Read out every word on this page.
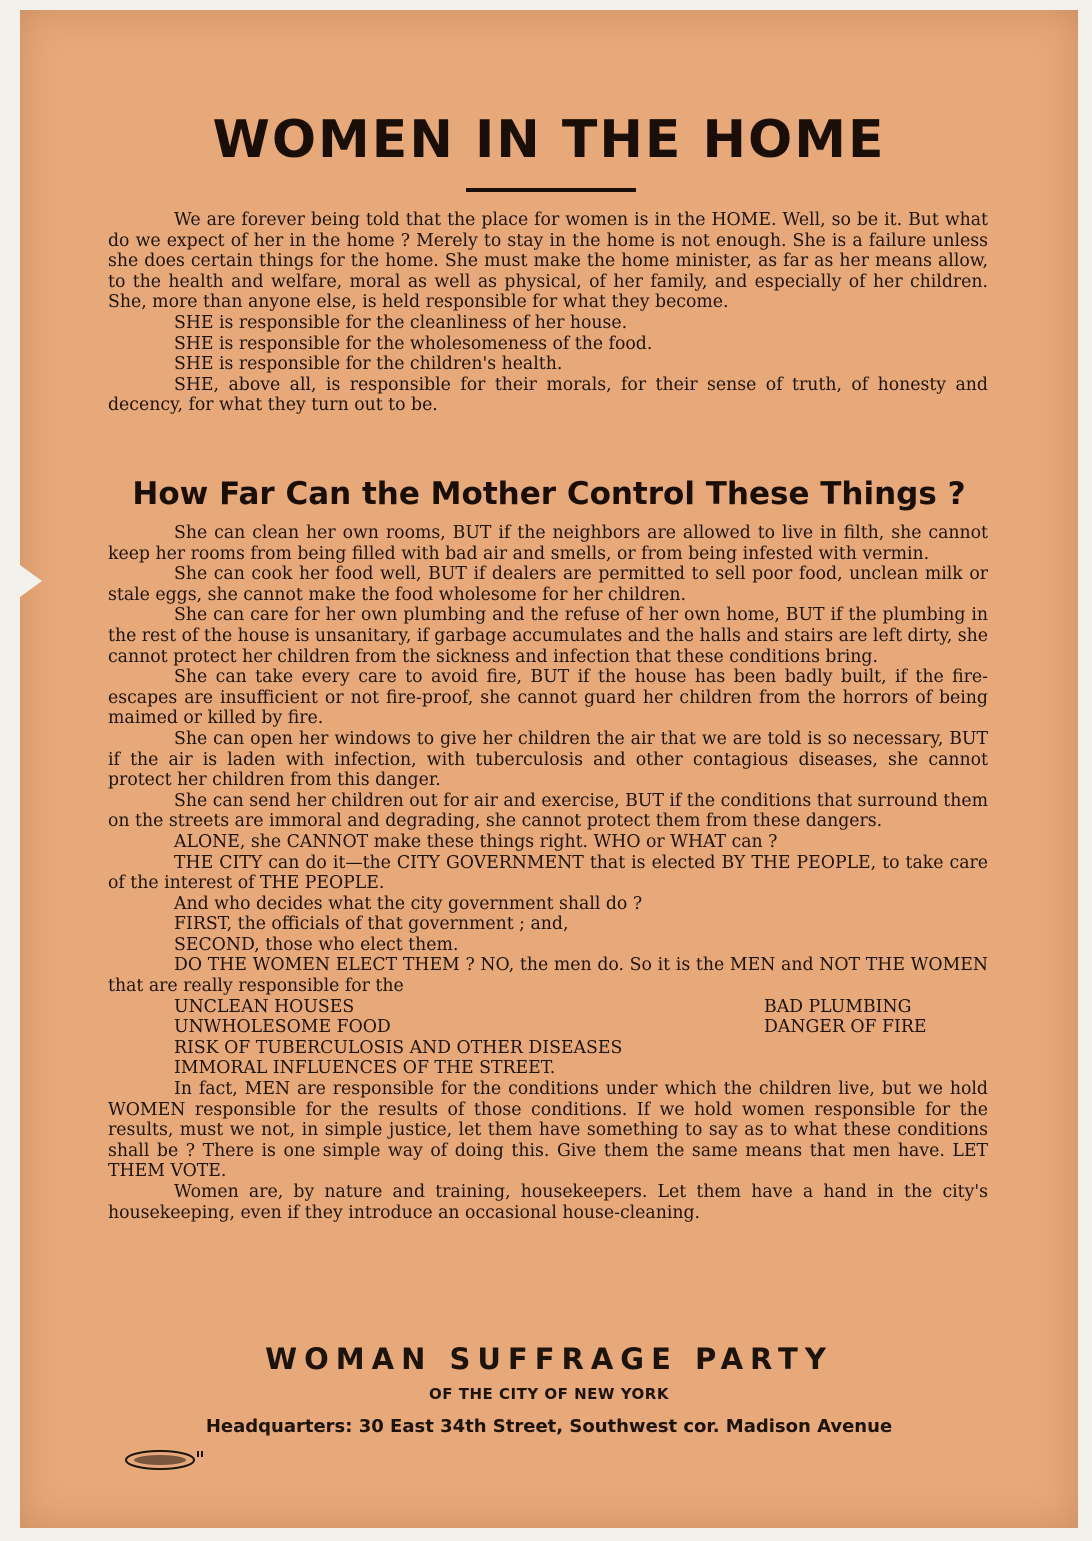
WOMEN IN THE HOME

We are forever being told that the place for women is in the HOME. Well, so be it. But what do we expect of her in the home ? Merely to stay in the home is not enough. She is a failure unless she does certain things for the home. She must make the home minister, as far as her means allow, to the health and welfare, moral as well as physical, of her family, and especially of her children. She, more than anyone else, is held responsible for what they become.

SHE is responsible for the cleanliness of her house.

SHE is responsible for the wholesomeness of the food.

SHE is responsible for the children's health.

SHE, above all, is responsible for their morals, for their sense of truth, of honesty and decency, for what they turn out to be.

How Far Can the Mother Control These Things ?

She can clean her own rooms, BUT if the neighbors are allowed to live in filth, she cannot keep her rooms from being filled with bad air and smells, or from being infested with vermin.

She can cook her food well, BUT if dealers are permitted to sell poor food, unclean milk or stale eggs, she cannot make the food wholesome for her children.

She can care for her own plumbing and the refuse of her own home, BUT if the plumbing in the rest of the house is unsanitary, if garbage accumulates and the halls and stairs are left dirty, she cannot protect her children from the sickness and infection that these conditions bring.

She can take every care to avoid fire, BUT if the house has been badly built, if the fire-escapes are insufficient or not fire-proof, she cannot guard her children from the horrors of being maimed or killed by fire.

She can open her windows to give her children the air that we are told is so necessary, BUT if the air is laden with infection, with tuberculosis and other contagious diseases, she cannot protect her children from this danger.

She can send her children out for air and exercise, BUT if the conditions that surround them on the streets are immoral and degrading, she cannot protect them from these dangers.

ALONE, she CANNOT make these things right. WHO or WHAT can ?

THE CITY can do it—the CITY GOVERNMENT that is elected BY THE PEOPLE, to take care of the interest of THE PEOPLE.

And who decides what the city government shall do ?

FIRST, the officials of that government ; and,

SECOND, those who elect them.

DO THE WOMEN ELECT THEM ? NO, the men do. So it is the MEN and NOT THE WOMEN that are really responsible for the

UNCLEAN HOUSES	BAD PLUMBING
UNWHOLESOME FOOD	DANGER OF FIRE
RISK OF TUBERCULOSIS AND OTHER DISEASES
IMMORAL INFLUENCES OF THE STREET.

In fact, MEN are responsible for the conditions under which the children live, but we hold WOMEN responsible for the results of those conditions. If we hold women responsible for the results, must we not, in simple justice, let them have something to say as to what these conditions shall be ? There is one simple way of doing this. Give them the same means that men have. LET THEM VOTE.

Women are, by nature and training, housekeepers. Let them have a hand in the city's housekeeping, even if they introduce an occasional house-cleaning.

WOMAN SUFFRAGE PARTY

OF THE CITY OF NEW YORK

Headquarters: 30 East 34th Street, Southwest cor. Madison Avenue
